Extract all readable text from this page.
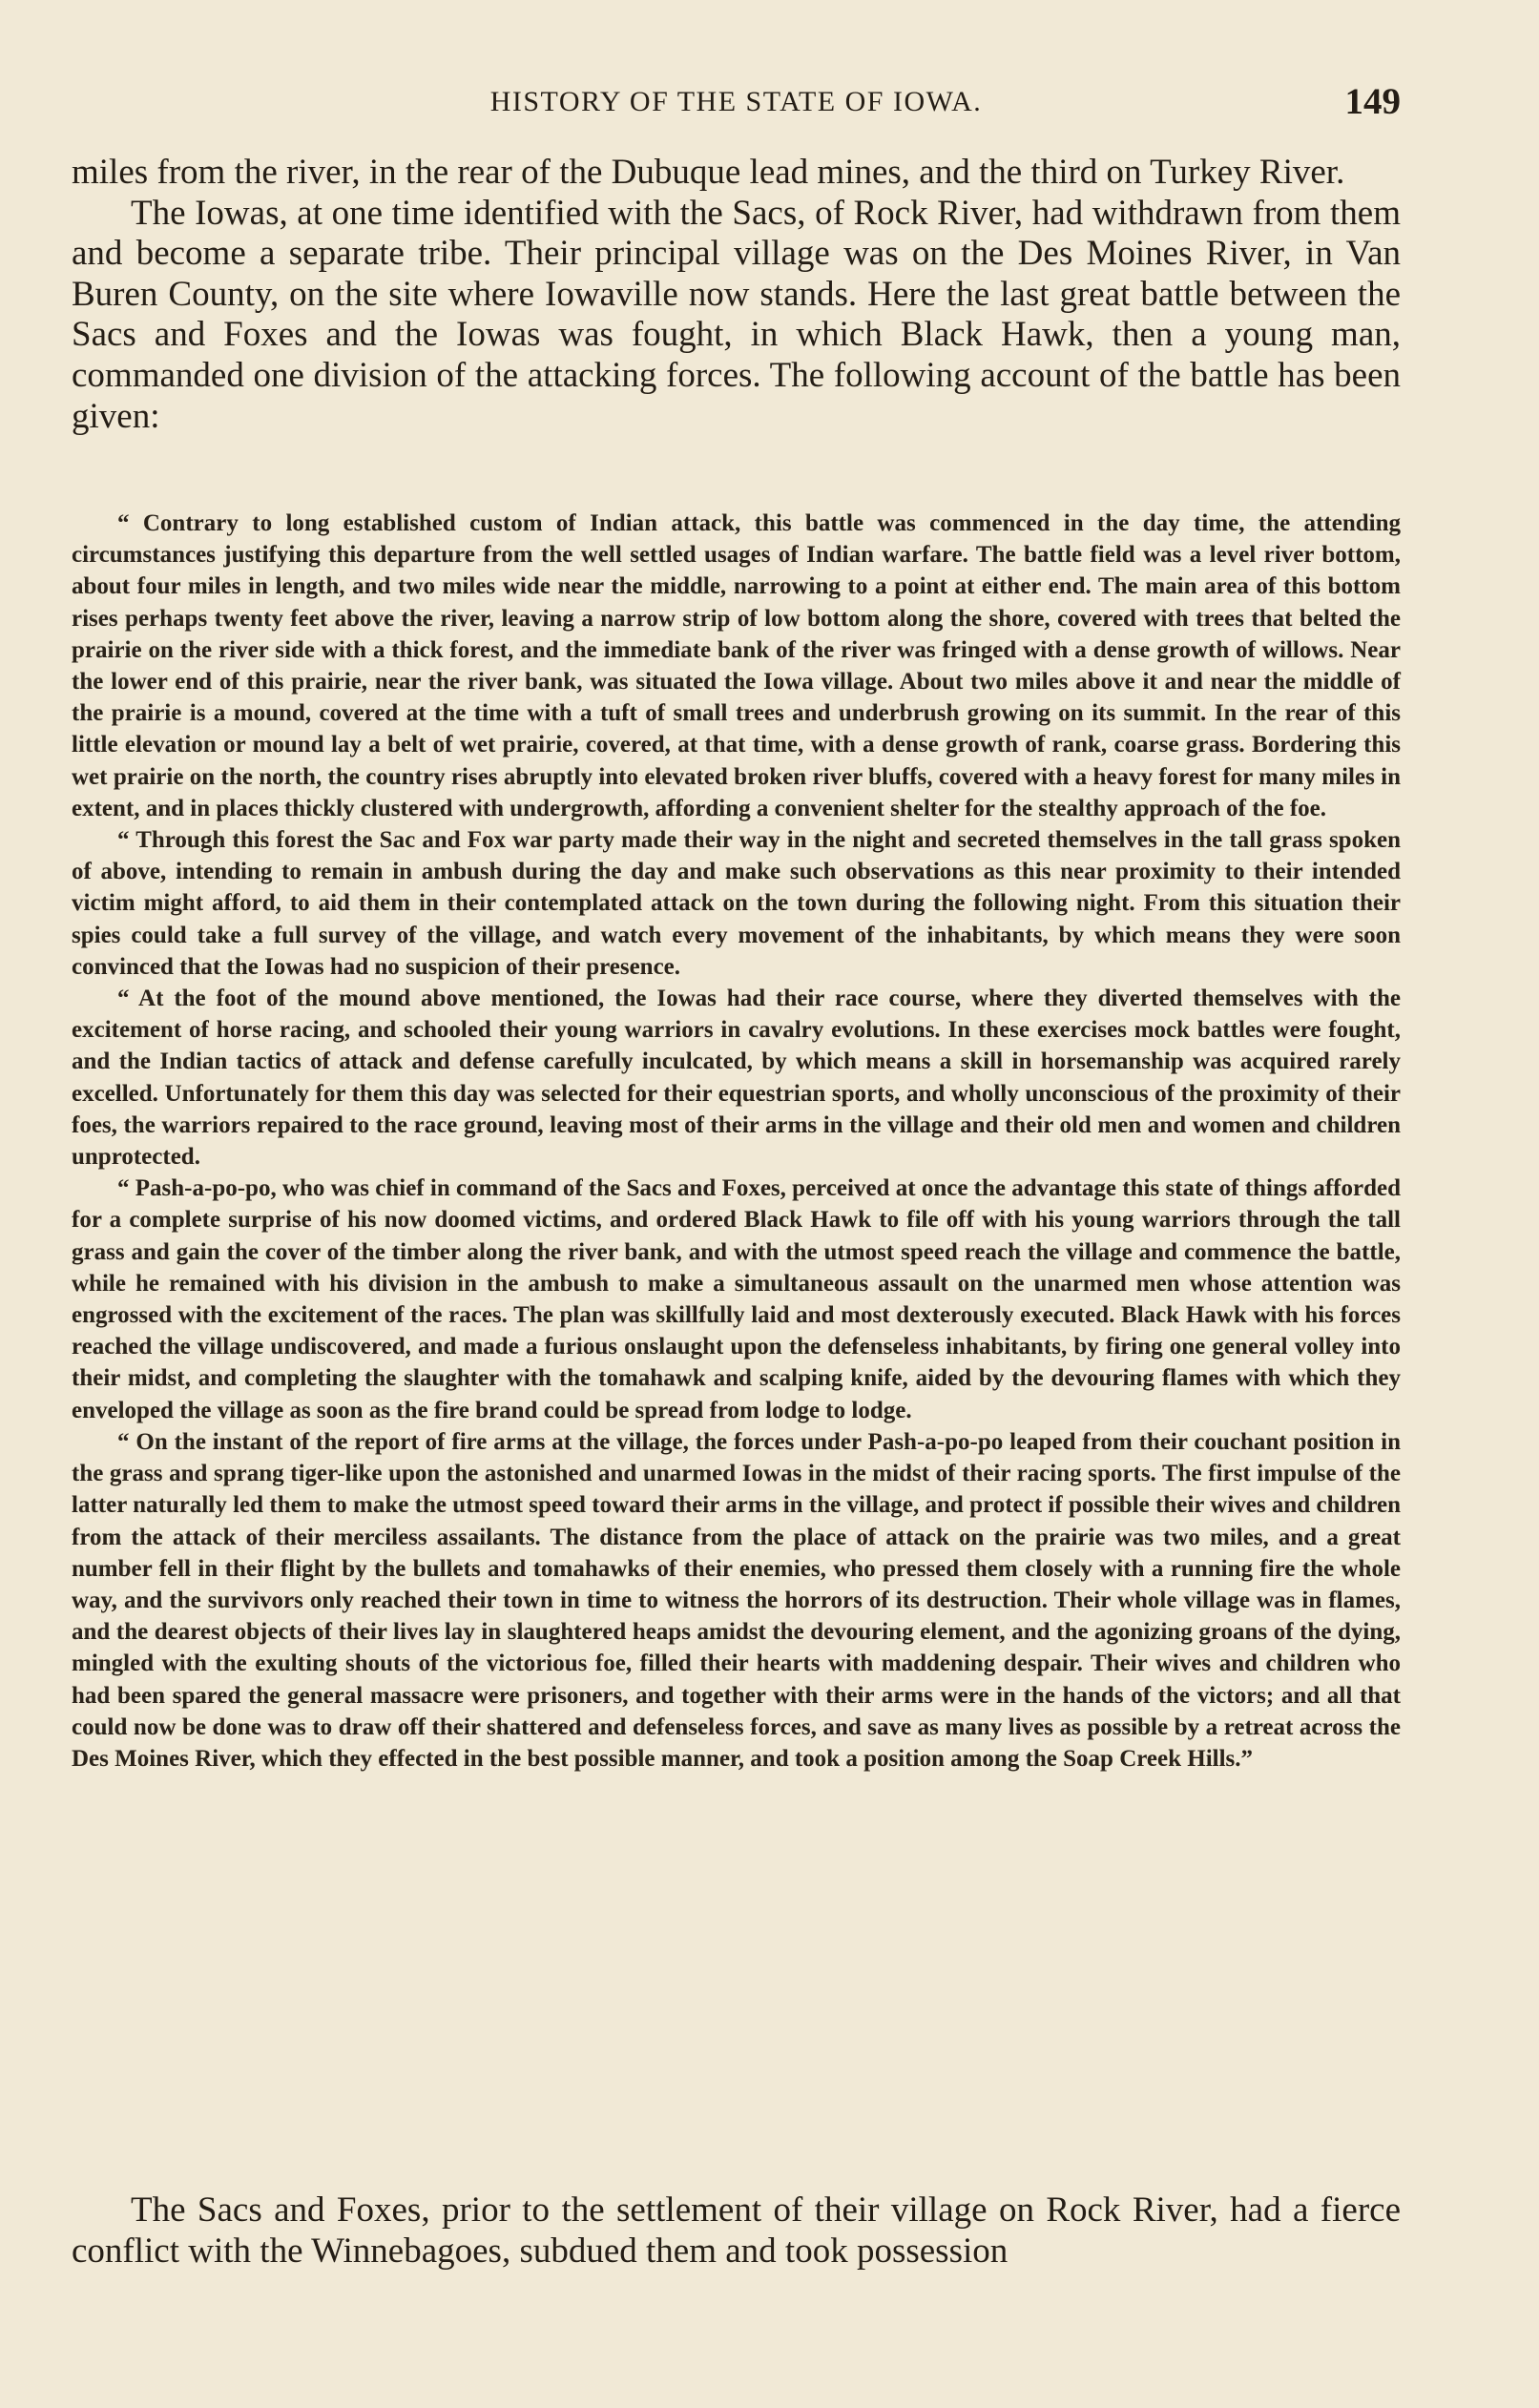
HISTORY OF THE STATE OF IOWA.	149

miles from the river, in the rear of the Dubuque lead mines, and the third on Turkey River.

The Iowas, at one time identified with the Sacs, of Rock River, had withdrawn from them and become a separate tribe. Their principal village was on the Des Moines River, in Van Buren County, on the site where Iowaville now stands. Here the last great battle between the Sacs and Foxes and the Iowas was fought, in which Black Hawk, then a young man, commanded one division of the attacking forces. The following account of the battle has been given:

“ Contrary to long established custom of Indian attack, this battle was commenced in the day time, the attending circumstances justifying this departure from the well settled usages of Indian warfare. The battle field was a level river bottom, about four miles in length, and two miles wide near the middle, narrowing to a point at either end. The main area of this bottom rises perhaps twenty feet above the river, leaving a narrow strip of low bottom along the shore, covered with trees that belted the prairie on the river side with a thick forest, and the immediate bank of the river was fringed with a dense growth of willows. Near the lower end of this prairie, near the river bank, was situated the Iowa village. About two miles above it and near the middle of the prairie is a mound, covered at the time with a tuft of small trees and underbrush growing on its summit. In the rear of this little elevation or mound lay a belt of wet prairie, covered, at that time, with a dense growth of rank, coarse grass. Bordering this wet prairie on the north, the country rises abruptly into elevated broken river bluffs, covered with a heavy forest for many miles in extent, and in places thickly clustered with undergrowth, affording a convenient shelter for the stealthy approach of the foe.

“ Through this forest the Sac and Fox war party made their way in the night and secreted themselves in the tall grass spoken of above, intending to remain in ambush during the day and make such observations as this near proximity to their intended victim might afford, to aid them in their contemplated attack on the town during the following night. From this situation their spies could take a full survey of the village, and watch every movement of the inhabitants, by which means they were soon convinced that the Iowas had no suspicion of their presence.

“ At the foot of the mound above mentioned, the Iowas had their race course, where they diverted themselves with the excitement of horse racing, and schooled their young warriors in cavalry evolutions. In these exercises mock battles were fought, and the Indian tactics of attack and defense carefully inculcated, by which means a skill in horsemanship was acquired rarely excelled. Unfortunately for them this day was selected for their equestrian sports, and wholly unconscious of the proximity of their foes, the warriors repaired to the race ground, leaving most of their arms in the village and their old men and women and children unprotected.

“ Pash-a-po-po, who was chief in command of the Sacs and Foxes, perceived at once the advantage this state of things afforded for a complete surprise of his now doomed victims, and ordered Black Hawk to file off with his young warriors through the tall grass and gain the cover of the timber along the river bank, and with the utmost speed reach the village and commence the battle, while he remained with his division in the ambush to make a simultaneous assault on the unarmed men whose attention was engrossed with the excitement of the races. The plan was skillfully laid and most dexterously executed. Black Hawk with his forces reached the village undiscovered, and made a furious onslaught upon the defenseless inhabitants, by firing one general volley into their midst, and completing the slaughter with the tomahawk and scalping knife, aided by the devouring flames with which they enveloped the village as soon as the fire brand could be spread from lodge to lodge.

“ On the instant of the report of fire arms at the village, the forces under Pash-a-po-po leaped from their couchant position in the grass and sprang tiger-like upon the astonished and unarmed Iowas in the midst of their racing sports. The first impulse of the latter naturally led them to make the utmost speed toward their arms in the village, and protect if possible their wives and children from the attack of their merciless assailants. The distance from the place of attack on the prairie was two miles, and a great number fell in their flight by the bullets and tomahawks of their enemies, who pressed them closely with a running fire the whole way, and the survivors only reached their town in time to witness the horrors of its destruction. Their whole village was in flames, and the dearest objects of their lives lay in slaughtered heaps amidst the devouring element, and the agonizing groans of the dying, mingled with the exulting shouts of the victorious foe, filled their hearts with maddening despair. Their wives and children who had been spared the general massacre were prisoners, and together with their arms were in the hands of the victors; and all that could now be done was to draw off their shattered and defenseless forces, and save as many lives as possible by a retreat across the Des Moines River, which they effected in the best possible manner, and took a position among the Soap Creek Hills.”

The Sacs and Foxes, prior to the settlement of their village on Rock River, had a fierce conflict with the Winnebagoes, subdued them and took possession
